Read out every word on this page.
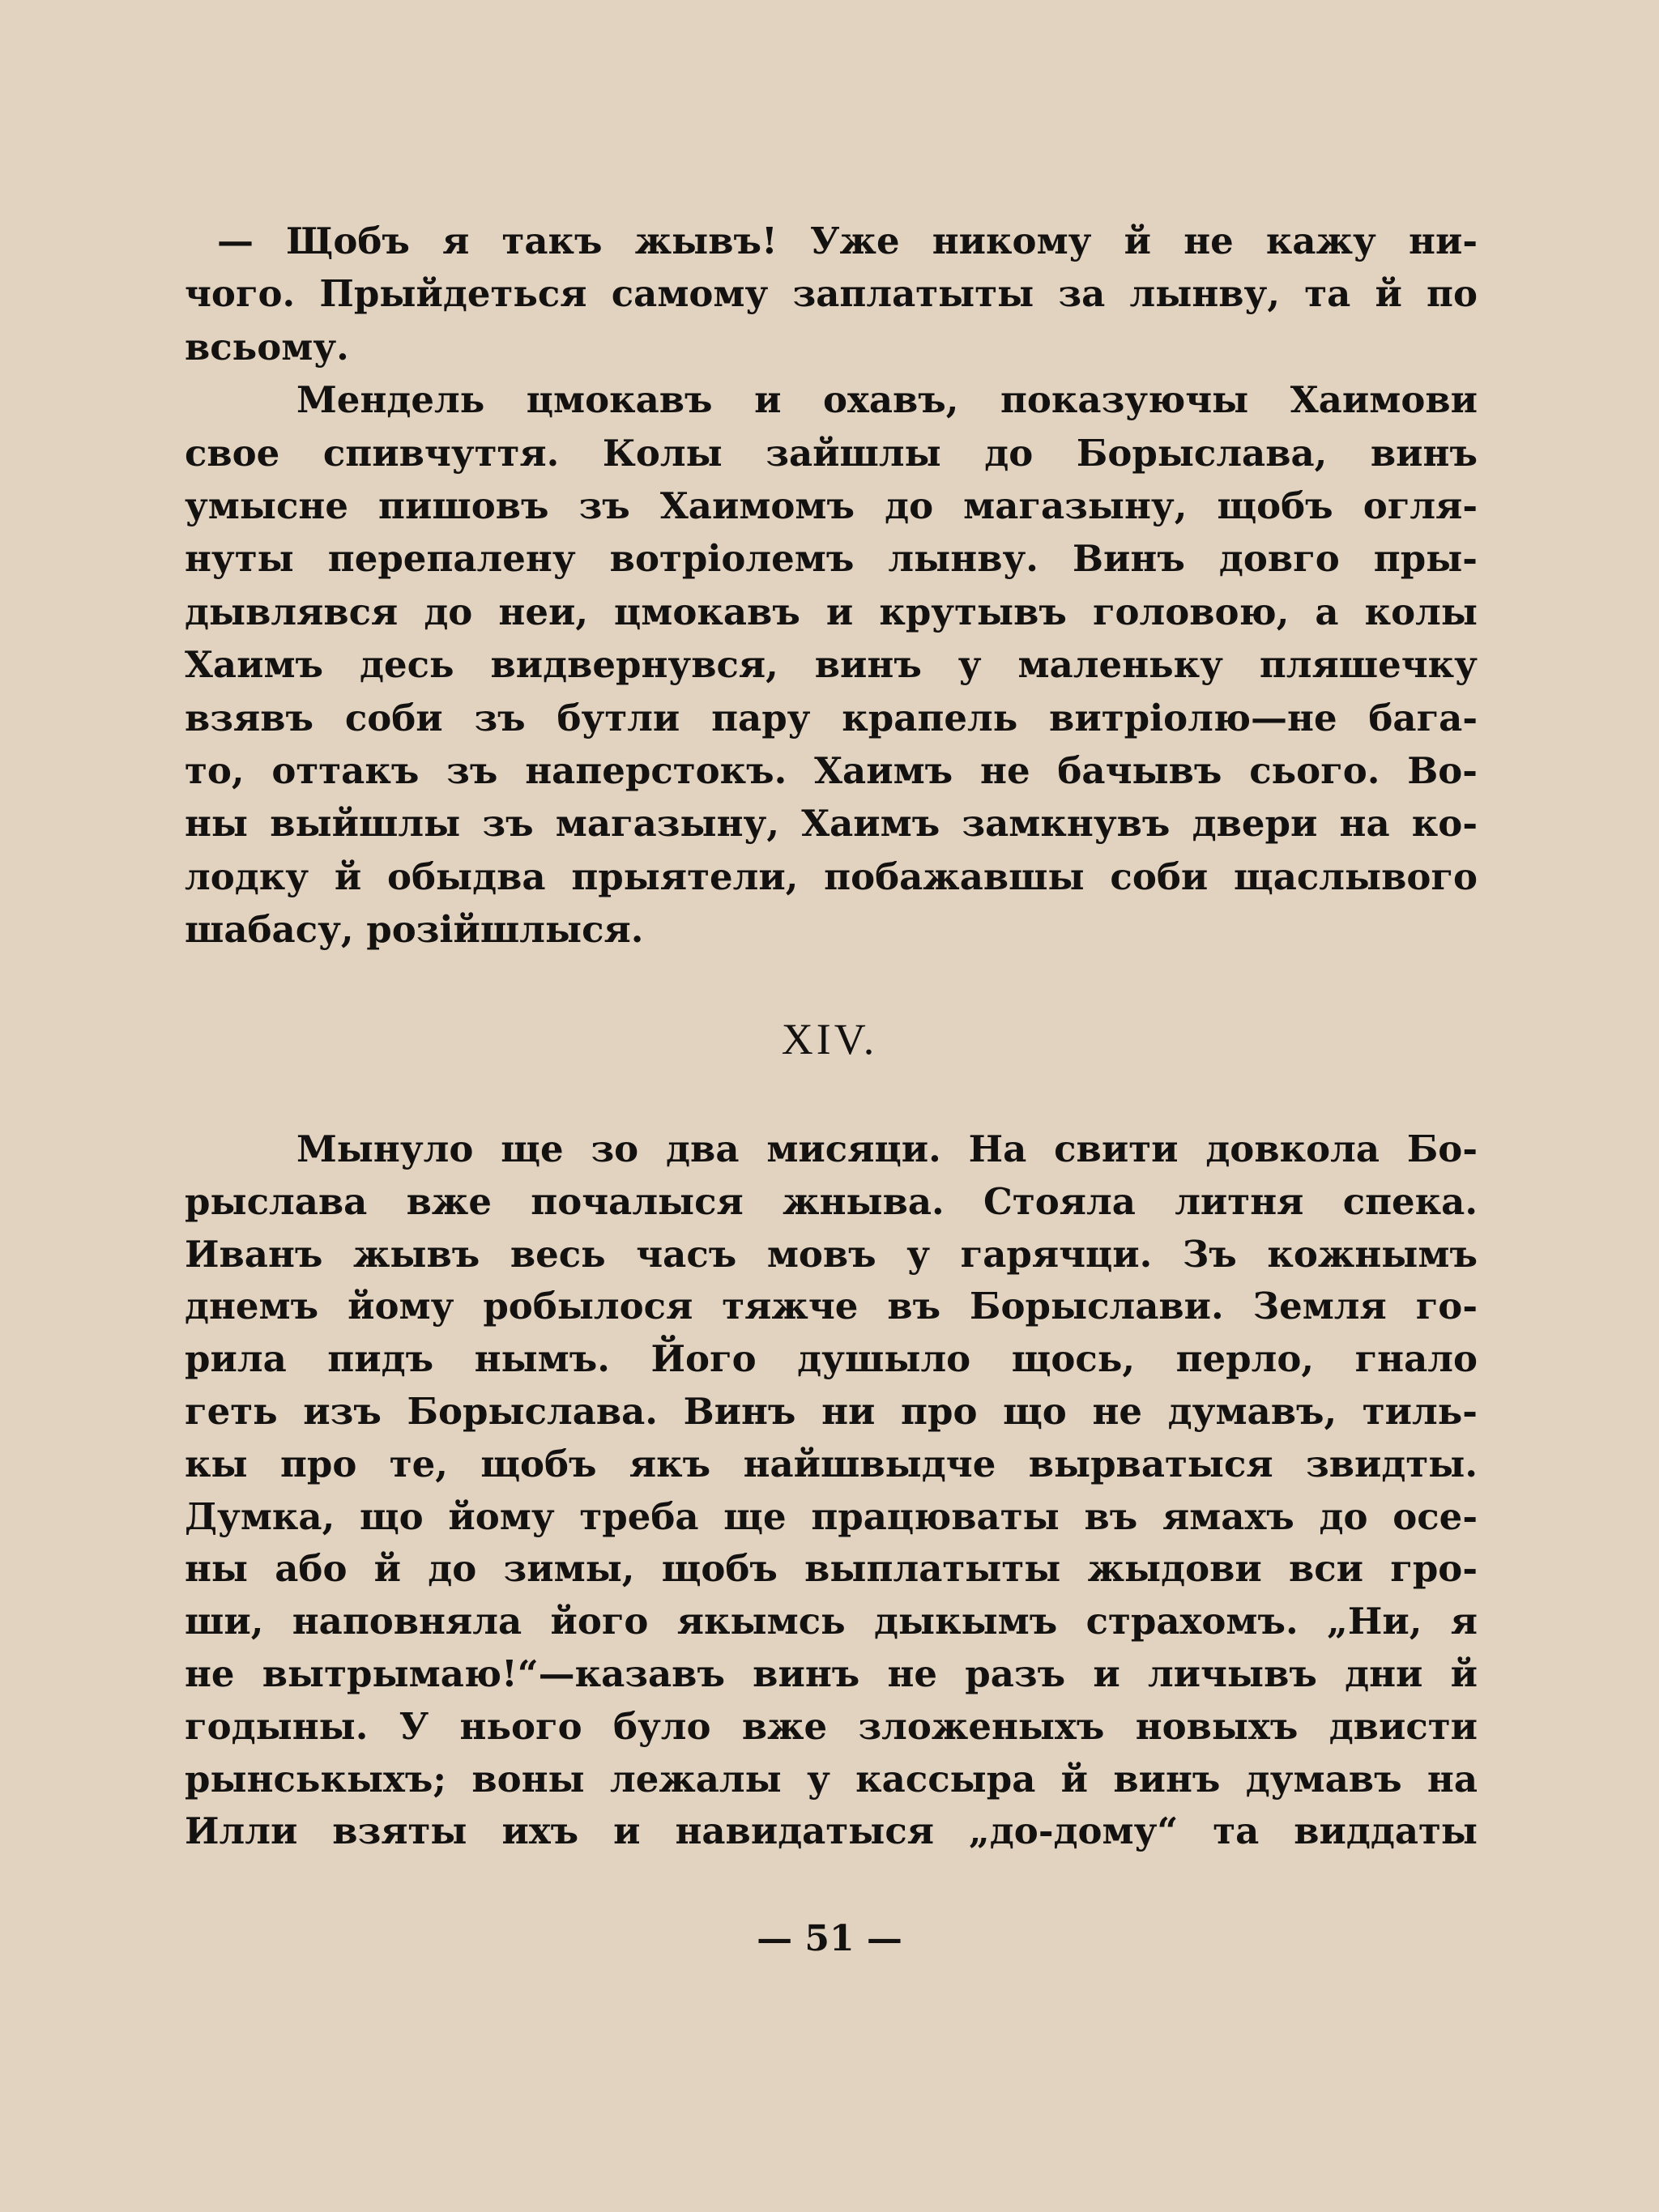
— Щобъ я такъ жывъ! Уже никому й не кажу ни-
чого. Прыйдеться самому заплатыты за лынву, та й по
всьому.

Мендель цмокавъ и охавъ, показуючы Хаимови
свое спивчуття. Колы зайшлы до Борыслава, винъ
умысне пишовъ зъ Хаимомъ до магазыну, щобъ огля-
нуты перепалену вотріолемъ лынву. Винъ довго пры-
дывлявся до неи, цмокавъ и крутывъ головою, а колы
Хаимъ десь видвернувся, винъ у маленьку пляшечку
взявъ соби зъ бутли пару крапель витріолю—не бага-
то, оттакъ зъ наперстокъ. Хаимъ не бачывъ сього. Во-
ны выйшлы зъ магазыну, Хаимъ замкнувъ двери на ко-
лодку й обыдва прыятели, побажавшы соби щаслывого
шабасу, розійшлыся.

XIV.

Мынуло ще зо два мисяци. На свити довкола Бо-
рыслава вже почалыся жныва. Стояла литня спека.
Иванъ жывъ весь часъ мовъ у гарячци. Зъ кожнымъ
днемъ йому робылося тяжче въ Борыслави. Земля го-
рила пидъ нымъ. Його душыло щось, перло, гнало
геть изъ Борыслава. Винъ ни про що не думавъ, тиль-
кы про те, щобъ якъ найшвыдче вырватыся звидты.
Думка, що йому треба ще працюваты въ ямахъ до осе-
ны або й до зимы, щобъ выплатыты жыдови вси гро-
ши, наповняла його якымсь дыкымъ страхомъ. „Ни, я
не вытрымаю!“—казавъ винъ не разъ и личывъ дни й
годыны. У нього було вже зложеныхъ новыхъ двисти
рынськыхъ; воны лежалы у кассыра й винъ думавъ на
Илли взяты ихъ и навидатыся „до-дому“ та виддаты

— 51 —
